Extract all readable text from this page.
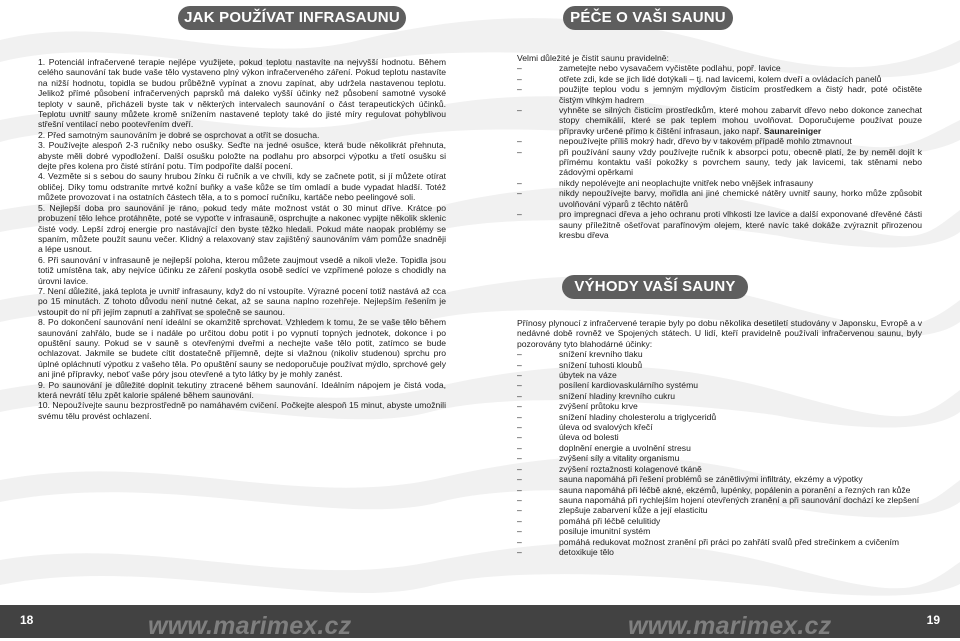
JAK POUŽÍVAT INFRASAUNU

1. Potenciál infračervené terapie nejlépe využijete, pokud teplotu nastavíte na nejvyšší hodnotu. Během celého saunování tak bude vaše tělo vystaveno plný výkon infračerveného záření. Pokud teplotu nastavíte na nižší hodnotu, topidla se budou průběžně vypínat a znovu zapínat, aby udržela nastavenou teplotu. Jelikož přímé působení infračervených paprsků má daleko vyšší účinky než působení samotné vysoké teploty v sauně, přicházeli byste tak v některých intervalech saunování o část terapeutických účinků. Teplotu uvnitř sauny můžete kromě snížením nastavené teploty také do jisté míry regulovat pohyblivou střešní ventilací nebo pootevřením dveří.

2. Před samotným saunováním je dobré se osprchovat a otřít se dosucha.

3. Používejte alespoň 2-3 ručníky nebo osušky. Seďte na jedné osušce, která bude několikrát přehnuta, abyste měli dobré vypodložení. Další osušku položte na podlahu pro absorpci výpotku a třetí osušku si dejte přes kolena pro čisté stírání potu. Tím podpoříte další pocení.

4. Vezměte si s sebou do sauny hrubou žínku či ručník a ve chvíli, kdy se začnete potit, si jí můžete otírat obličej. Díky tomu odstraníte mrtvé kožní buňky a vaše kůže se tím omladí a bude vypadat hladší. Totéž můžete provozovat i na ostatních částech těla, a to s pomocí ručníku, kartáče nebo peelingové soli.

5. Nejlepší doba pro saunování je ráno, pokud tedy máte možnost vstát o 30 minut dříve. Krátce po probuzení tělo lehce protáhněte, poté se vypoťte v infrasauně, osprchujte a nakonec vypijte několik sklenic čisté vody. Lepší zdroj energie pro nastávající den byste těžko hledali. Pokud máte naopak problémy se spaním, můžete použít saunu večer. Klidný a relaxovaný stav zajištěný saunováním vám pomůže snadněji a lépe usnout.

6. Při saunování v infrasauně je nejlepší poloha, kterou můžete zaujmout vsedě a nikoli vleže. Topidla jsou totiž umístěna tak, aby nejvíce účinku ze záření poskytla osobě sedící ve vzpřímené poloze s chodidly na úrovni lavice.

7. Není důležité, jaká teplota je uvnitř infrasauny, když do ní vstoupíte. Výrazné pocení totiž nastává až cca po 15 minutách. Z tohoto důvodu není nutné čekat, až se sauna naplno rozehřeje. Nejlepším řešením je vstoupit do ní při jejím zapnutí a zahřívat se společně se saunou.

8. Po dokončení saunování není ideální se okamžitě sprchovat. Vzhledem k tomu, že se vaše tělo během saunování zahřálo, bude se i nadále po určitou dobu potit i po vypnutí topných jednotek, dokonce i po opuštění sauny. Pokud se v sauně s otevřenými dveřmi a nechejte vaše tělo potit, zatímco se bude ochlazovat. Jakmile se budete cítit dostatečně příjemně, dejte si vlažnou (nikoliv studenou) sprchu pro úplné opláchnutí výpotku z vašeho těla. Po opuštění sauny se nedoporučuje používat mýdlo, sprchové gely ani jiné přípravky, neboť vaše póry jsou otevřené a tyto látky by je mohly zanést.

9. Po saunování je důležité doplnit tekutiny ztracené během saunování. Ideálním nápojem je čistá voda, která nevrátí tělu zpět kalorie spálené během saunování.

10. Nepoužívejte saunu bezprostředně po namáhavém cvičení. Počkejte alespoň 15 minut, abyste umožnili svému tělu provést ochlazení.

PÉČE O VAŠI SAUNU
VÝHODY VAŠÍ SAUNY
Velmi důležité je čistit saunu pravidelně:
–	zametejte nebo vysavačem vyčistěte podlahu, popř. lavice
–	otřete zdi, kde se jich lidé dotýkali – tj. nad lavicemi, kolem dveří a ovládacích panelů
–	použijte teplou vodu s jemným mýdlovým čisticím prostředkem a čistý hadr, poté očistěte čistým vlhkým hadrem
–	vyhněte se silných čisticím prostředkům, které mohou zabarvit dřevo nebo dokonce zanechat stopy chemikálií, které se pak teplem mohou uvolňovat. Doporučujeme používat pouze přípravky určené přímo k čištění infrasaun, jako např. Saunareiniger
–	nepoužívejte příliš mokrý hadr, dřevo by v takovém případě mohlo ztmavnout
–	při používání sauny vždy používejte ručník k absorpci potu, obecně platí, že by neměl dojít k přímému kontaktu vaší pokožky s povrchem sauny, tedy jak lavicemi, tak stěnami nebo zádovými opěrkami
–	nikdy nepolévejte ani neoplachujte vnitřek nebo vnějšek infrasauny
–	nikdy nepoužívejte barvy, mořidla ani jiné chemické nátěry uvnitř sauny, horko může způsobit uvolňování výparů z těchto nátěrů
–	pro impregnaci dřeva a jeho ochranu proti vlhkosti lze lavice a další exponované dřevěné části sauny příležitně ošetřovat parafínovým olejem, které navíc také dokáže zvýraznit přirozenou kresbu dřeva

Přínosy plynoucí z infračervené terapie byly po dobu několika desetiletí studovány v Japonsku, Evropě a v nedávné době rovněž ve Spojených státech. U lidí, kteří pravidelně používali infračervenou saunu, byly pozorovány tyto blahodárné účinky:

–	snížení krevního tlaku
–	snížení tuhosti kloubů
–	úbytek na váze
–	posílení kardiovaskulárního systému
–	snížení hladiny krevního cukru
–	zvýšení průtoku krve
–	snížení hladiny cholesterolu a triglyceridů
–	úleva od svalových křečí
–	úleva od bolesti
–	doplnění energie a uvolnění stresu
–	zvýšení síly a vitality organismu
–	zvýšení roztažnosti kolagenové tkáně
–	sauna napomáhá při řešení problémů se zánětlivými infiltráty, ekzémy a výpotky
–	sauna napomáhá při léčbě akné, ekzémů, lupénky, popálenin a poranění a řezných ran kůže
–	sauna napomáhá při rychlejším hojení otevřených zranění a při saunování dochází ke zlepšení
–	zlepšuje zabarvení kůže a její elasticitu
–	pomáhá při léčbě celulitidy
–	posiluje imunitní systém
–	pomáhá redukovat možnost zranění při práci po zahřátí svalů před strečinkem a cvičením
–	detoxikuje tělo
18	www.marimex.cz	www.marimex.cz	19
